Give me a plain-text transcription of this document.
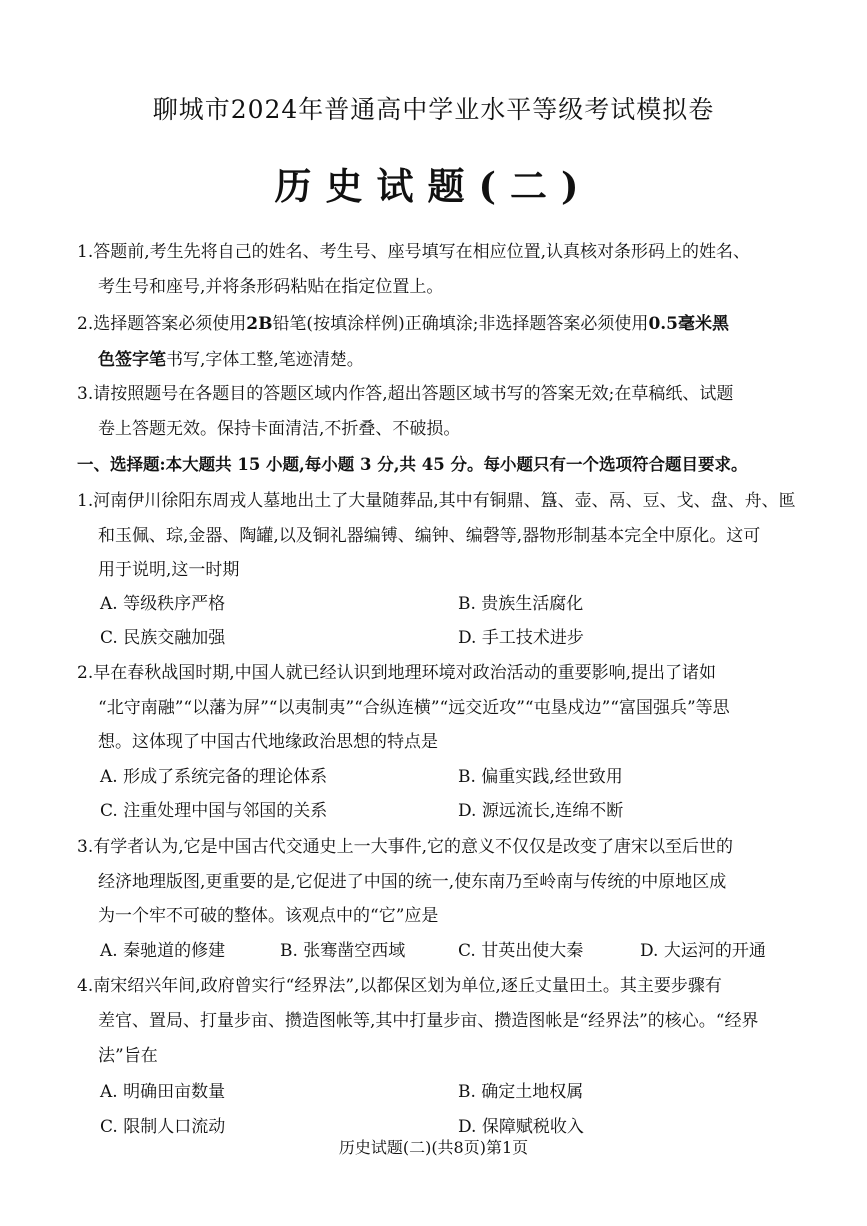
聊城市2024年普通高中学业水平等级考试模拟卷
历史试题(二)
1.答题前,考生先将自己的姓名、考生号、座号填写在相应位置,认真核对条形码上的姓名、
考生号和座号,并将条形码粘贴在指定位置上。
2.选择题答案必须使用2B铅笔(按填涂样例)正确填涂;非选择题答案必须使用0.5毫米黑
色签字笔书写,字体工整,笔迹清楚。
3.请按照题号在各题目的答题区域内作答,超出答题区域书写的答案无效;在草稿纸、试题
卷上答题无效。保持卡面清洁,不折叠、不破损。
一、选择题:本大题共 15 小题,每小题 3 分,共 45 分。每小题只有一个选项符合题目要求。
1.河南伊川徐阳东周戎人墓地出土了大量随葬品,其中有铜鼎、簋、壶、鬲、豆、戈、盘、舟、匜
和玉佩、琮,金器、陶罐,以及铜礼器编镈、编钟、编磬等,器物形制基本完全中原化。这可
用于说明,这一时期
A. 等级秩序严格	B. 贵族生活腐化
C. 民族交融加强	D. 手工技术进步
2.早在春秋战国时期,中国人就已经认识到地理环境对政治活动的重要影响,提出了诸如
“北守南融”“以藩为屏”“以夷制夷”“合纵连横”“远交近攻”“屯垦戍边”“富国强兵”等思
想。这体现了中国古代地缘政治思想的特点是
A. 形成了系统完备的理论体系	B. 偏重实践,经世致用
C. 注重处理中国与邻国的关系	D. 源远流长,连绵不断
3.有学者认为,它是中国古代交通史上一大事件,它的意义不仅仅是改变了唐宋以至后世的
经济地理版图,更重要的是,它促进了中国的统一,使东南乃至岭南与传统的中原地区成
为一个牢不可破的整体。该观点中的“它”应是
A. 秦驰道的修建	B. 张骞凿空西域	C. 甘英出使大秦	D. 大运河的开通
4.南宋绍兴年间,政府曾实行“经界法”,以都保区划为单位,逐丘丈量田土。其主要步骤有
差官、置局、打量步亩、攒造图帐等,其中打量步亩、攒造图帐是“经界法”的核心。“经界
法”旨在
A. 明确田亩数量	B. 确定土地权属
C. 限制人口流动	D. 保障赋税收入
历史试题(二)(共8页)第1页
